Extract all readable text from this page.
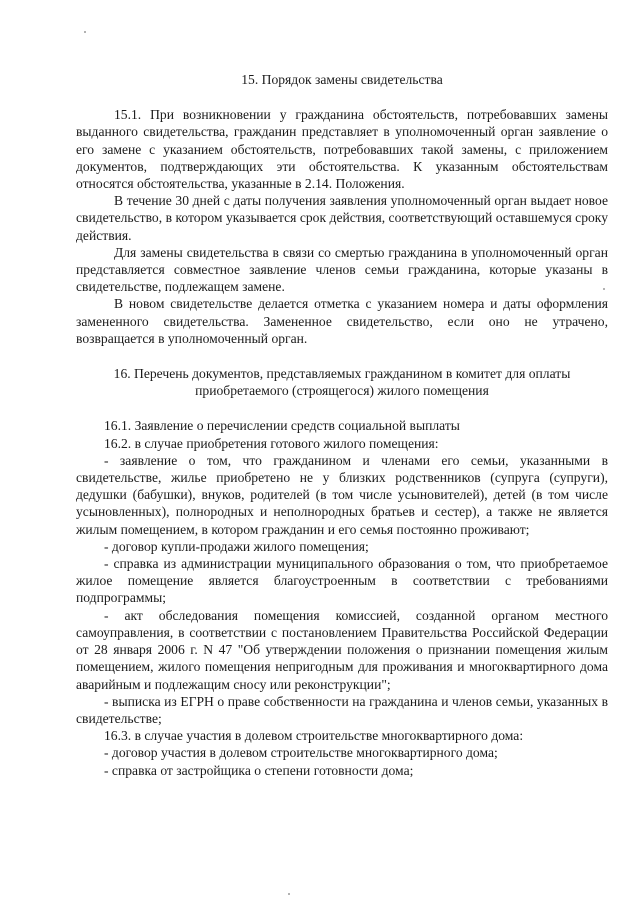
15. Порядок замены свидетельства

15.1. При возникновении у гражданина обстоятельств, потребовавших замены выданного свидетельства, гражданин представляет в уполномоченный орган заявление о его замене с указанием обстоятельств, потребовавших такой замены, с приложением документов, подтверждающих эти обстоятельства. К указанным обстоятельствам относятся обстоятельства, указанные в 2.14. Положения.

В течение 30 дней с даты получения заявления уполномоченный орган выдает новое свидетельство, в котором указывается срок действия, соответствующий оставшемуся сроку действия.

Для замены свидетельства в связи со смертью гражданина в уполномоченный орган представляется совместное заявление членов семьи гражданина, которые указаны в свидетельстве, подлежащем замене.

В новом свидетельстве делается отметка с указанием номера и даты оформления замененного свидетельства. Замененное свидетельство, если оно не утрачено, возвращается в уполномоченный орган.

16. Перечень документов, представляемых гражданином в комитет для оплаты приобретаемого (строящегося) жилого помещения

16.1. Заявление о перечислении средств социальной выплаты

16.2. в случае приобретения готового жилого помещения:

- заявление о том, что гражданином и членами его семьи, указанными в свидетельстве, жилье приобретено не у близких родственников (супруга (супруги), дедушки (бабушки), внуков, родителей (в том числе усыновителей), детей (в том числе усыновленных), полнородных и неполнородных братьев и сестер), а также не является жилым помещением, в котором гражданин и его семья постоянно проживают;

- договор купли-продажи жилого помещения;

- справка из администрации муниципального образования о том, что приобретаемое жилое помещение является благоустроенным в соответствии с требованиями подпрограммы;

- акт обследования помещения комиссией, созданной органом местного самоуправления, в соответствии с постановлением Правительства Российской Федерации от 28 января 2006 г. N 47 "Об утверждении положения о признании помещения жилым помещением, жилого помещения непригодным для проживания и многоквартирного дома аварийным и подлежащим сносу или реконструкции";

- выписка из ЕГРН о праве собственности на гражданина и членов семьи, указанных в свидетельстве;

16.3. в случае участия в долевом строительстве многоквартирного дома:

- договор участия в долевом строительстве многоквартирного дома;

- справка от застройщика о степени готовности дома;
